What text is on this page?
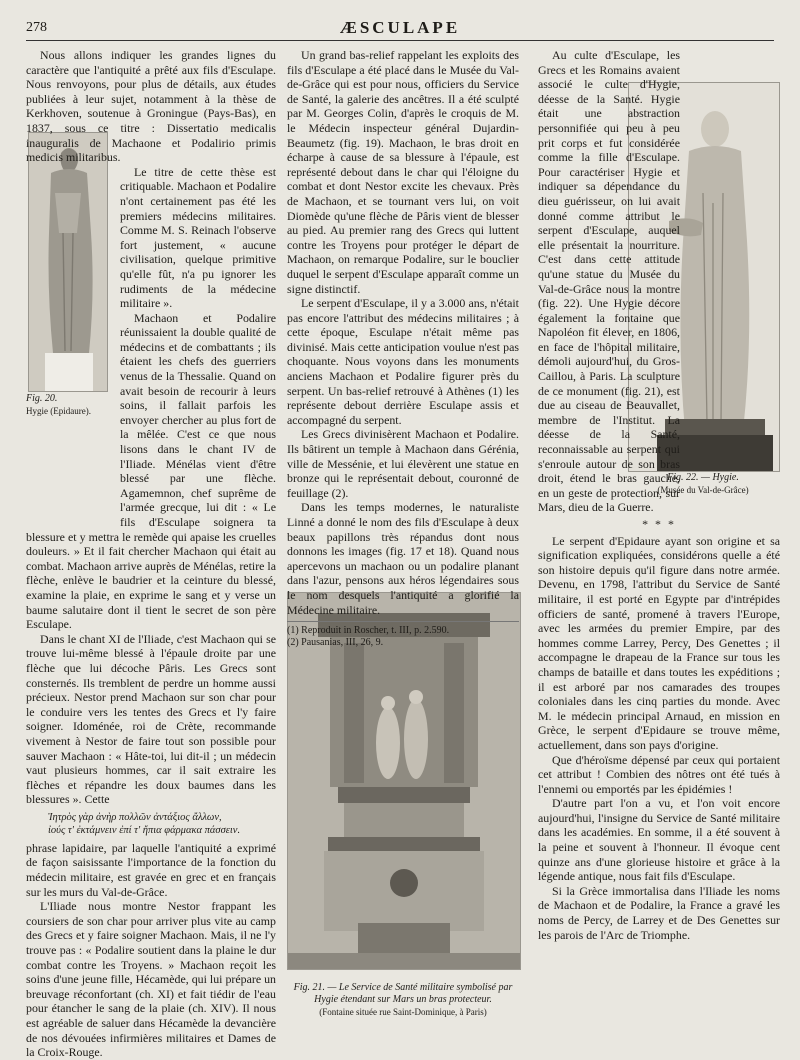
278	ÆSCULAPE
Fig. 20.
Hygie (Epidaure).
Fig. 22. — Hygie.
(Musée du Val-de-Grâce)
Fig. 21. — Le Service de Santé militaire symbolisé par Hygie étendant sur Mars un bras protecteur.
(Fontaine située rue Saint-Dominique, à Paris)

Nous allons indiquer les grandes lignes du caractère que l'antiquité a prêté aux fils d'Esculape. Nous renvoyons, pour plus de détails, aux études publiées à leur sujet, notamment à la thèse de Kerkhoven, soutenue à Groningue (Pays-Bas), en 1837, sous ce titre : Dissertatio medicalis inauguralis de Machaone et Podalirio primis medicis militaribus.

Le titre de cette thèse est critiquable. Machaon et Podalire n'ont certainement pas été les premiers médecins militaires. Comme M. S. Reinach l'observe fort justement, « aucune civilisation, quelque primitive qu'elle fût, n'a pu ignorer les rudiments de la médecine militaire ».

Machaon et Podalire réunissaient la double qualité de médecins et de combattants ; ils étaient les chefs des guerriers venus de la Thessalie. Quand on avait besoin de recourir à leurs soins, il fallait parfois les envoyer chercher au plus fort de la mêlée. C'est ce que nous lisons dans le chant IV de l'Iliade. Ménélas vient d'être blessé par une flèche. Agamemnon, chef suprême de l'armée grecque, lui dit : « Le fils d'Esculape soignera ta blessure et y mettra le remède qui apaise les cruelles douleurs. » Et il fait chercher Machaon qui était au combat. Machaon arrive auprès de Ménélas, retire la flèche, enlève le baudrier et la ceinture du blessé, examine la plaie, en exprime le sang et y verse un baume salutaire dont il tient le secret de son père Esculape.

Dans le chant XI de l'Iliade, c'est Machaon qui se trouve lui-même blessé à l'épaule droite par une flèche que lui décoche Pâris. Les Grecs sont consternés. Ils tremblent de perdre un homme aussi précieux. Nestor prend Machaon sur son char pour le conduire vers les tentes des Grecs et l'y faire soigner. Idoménée, roi de Crète, recommande vivement à Nestor de faire tout son possible pour sauver Machaon : « Hâte-toi, lui dit-il ; un médecin vaut plusieurs hommes, car il sait extraire les flèches et répandre les doux baumes dans les blessures ». Cette

Ἰητρὸς γὰρ ἀνὴρ πολλῶν ἀντάξιος ἄλλων,
ἰούς τ' ἐκτάμνειν ἐπί τ' ἤπια φάρμακα πάσσειν.

phrase lapidaire, par laquelle l'antiquité a exprimé de façon saisissante l'importance de la fonction du médecin militaire, est gravée en grec et en français sur les murs du Val-de-Grâce.

L'Iliade nous montre Nestor frappant les coursiers de son char pour arriver plus vite au camp des Grecs et y faire soigner Machaon. Mais, il ne l'y trouve pas : « Podalire soutient dans la plaine le dur combat contre les Troyens. » Machaon reçoit les soins d'une jeune fille, Hécamède, qui lui prépare un breuvage réconfortant (ch. XI) et fait tiédir de l'eau pour étancher le sang de la plaie (ch. XIV). Il nous est agréable de saluer dans Hécamède la devancière de nos dévouées infirmières militaires et Dames de la Croix-Rouge.

Un grand bas-relief rappelant les exploits des fils d'Esculape a été placé dans le Musée du Val-de-Grâce qui est pour nous, officiers du Service de Santé, la galerie des ancêtres. Il a été sculpté par M. Georges Colin, d'après le croquis de M. le Médecin inspecteur général Dujardin-Beaumetz (fig. 19). Machaon, le bras droit en écharpe à cause de sa blessure à l'épaule, est représenté debout dans le char qui l'éloigne du combat et dont Nestor excite les chevaux. Près de Machaon, et se tournant vers lui, on voit Diomède qu'une flèche de Pâris vient de blesser au pied. Au premier rang des Grecs qui luttent contre les Troyens pour protéger le départ de Machaon, on remarque Podalire, sur le bouclier duquel le serpent d'Esculape apparaît comme un signe distinctif.

Le serpent d'Esculape, il y a 3.000 ans, n'était pas encore l'attribut des médecins militaires ; à cette époque, Esculape n'était même pas divinisé. Mais cette anticipation voulue n'est pas choquante. Nous voyons dans les monuments anciens Machaon et Podalire figurer près du serpent. Un bas-relief retrouvé à Athènes (1) les représente debout derrière Esculape assis et accompagné du serpent.

Les Grecs divinisèrent Machaon et Podalire. Ils bâtirent un temple à Machaon dans Gérénia, ville de Messénie, et lui élevèrent une statue en bronze qui le représentait debout, couronné de feuillage (2).

Dans les temps modernes, le naturaliste Linné a donné le nom des fils d'Esculape à deux beaux papillons très répandus dont nous donnons les images (fig. 17 et 18). Quand nous apercevons un machaon ou un podalire planant dans l'azur, pensons aux héros légendaires sous le nom desquels l'antiquité a glorifié la Médecine militaire.

(1) Reproduit in Roscher, t. III, p. 2.590.
(2) Pausanias, III, 26, 9.

Au culte d'Esculape, les Grecs et les Romains avaient associé le culte d'Hygie, déesse de la Santé. Hygie était une abstraction personnifiée qui peu à peu prit corps et fut considérée comme la fille d'Esculape. Pour caractériser Hygie et indiquer sa dépendance du dieu guérisseur, on lui avait donné comme attribut le serpent d'Esculape, auquel elle présentait la nourriture. C'est dans cette attitude qu'une statue du Musée du Val-de-Grâce nous la montre (fig. 22). Une Hygie décore également la fontaine que Napoléon fit élever, en 1806, en face de l'hôpital militaire, démoli aujourd'hui, du Gros-Caillou, à Paris. La sculpture de ce monument (fig. 21), est due au ciseau de Beauvallet, membre de l'Institut. La déesse de la Santé, reconnaissable au serpent qui s'enroule autour de son bras droit, étend le bras gauche, en un geste de protection, sur Mars, dieu de la Guerre.

* * *

Le serpent d'Epidaure ayant son origine et sa signification expliquées, considérons quelle a été son histoire depuis qu'il figure dans notre armée. Devenu, en 1798, l'attribut du Service de Santé militaire, il est porté en Egypte par d'intrépides officiers de santé, promené à travers l'Europe, avec les armées du premier Empire, par des hommes comme Larrey, Percy, Des Genettes ; il accompagne le drapeau de la France sur tous les champs de bataille et dans toutes les expéditions ; il est arboré par nos camarades des troupes coloniales dans les cinq parties du monde. Avec M. le médecin principal Arnaud, en mission en Grèce, le serpent d'Epidaure se trouve même, actuellement, dans son pays d'origine.

Que d'héroïsme dépensé par ceux qui portaient cet attribut ! Combien des nôtres ont été tués à l'ennemi ou emportés par les épidémies !

D'autre part l'on a vu, et l'on voit encore aujourd'hui, l'insigne du Service de Santé militaire dans les académies. En somme, il a été souvent à la peine et souvent à l'honneur. Il évoque cent quinze ans d'une glorieuse histoire et grâce à la légende antique, nous fait fils d'Esculape.

Si la Grèce immortalisa dans l'Iliade les noms de Machaon et de Podalire, la France a gravé les noms de Percy, de Larrey et de Des Genettes sur les parois de l'Arc de Triomphe.
